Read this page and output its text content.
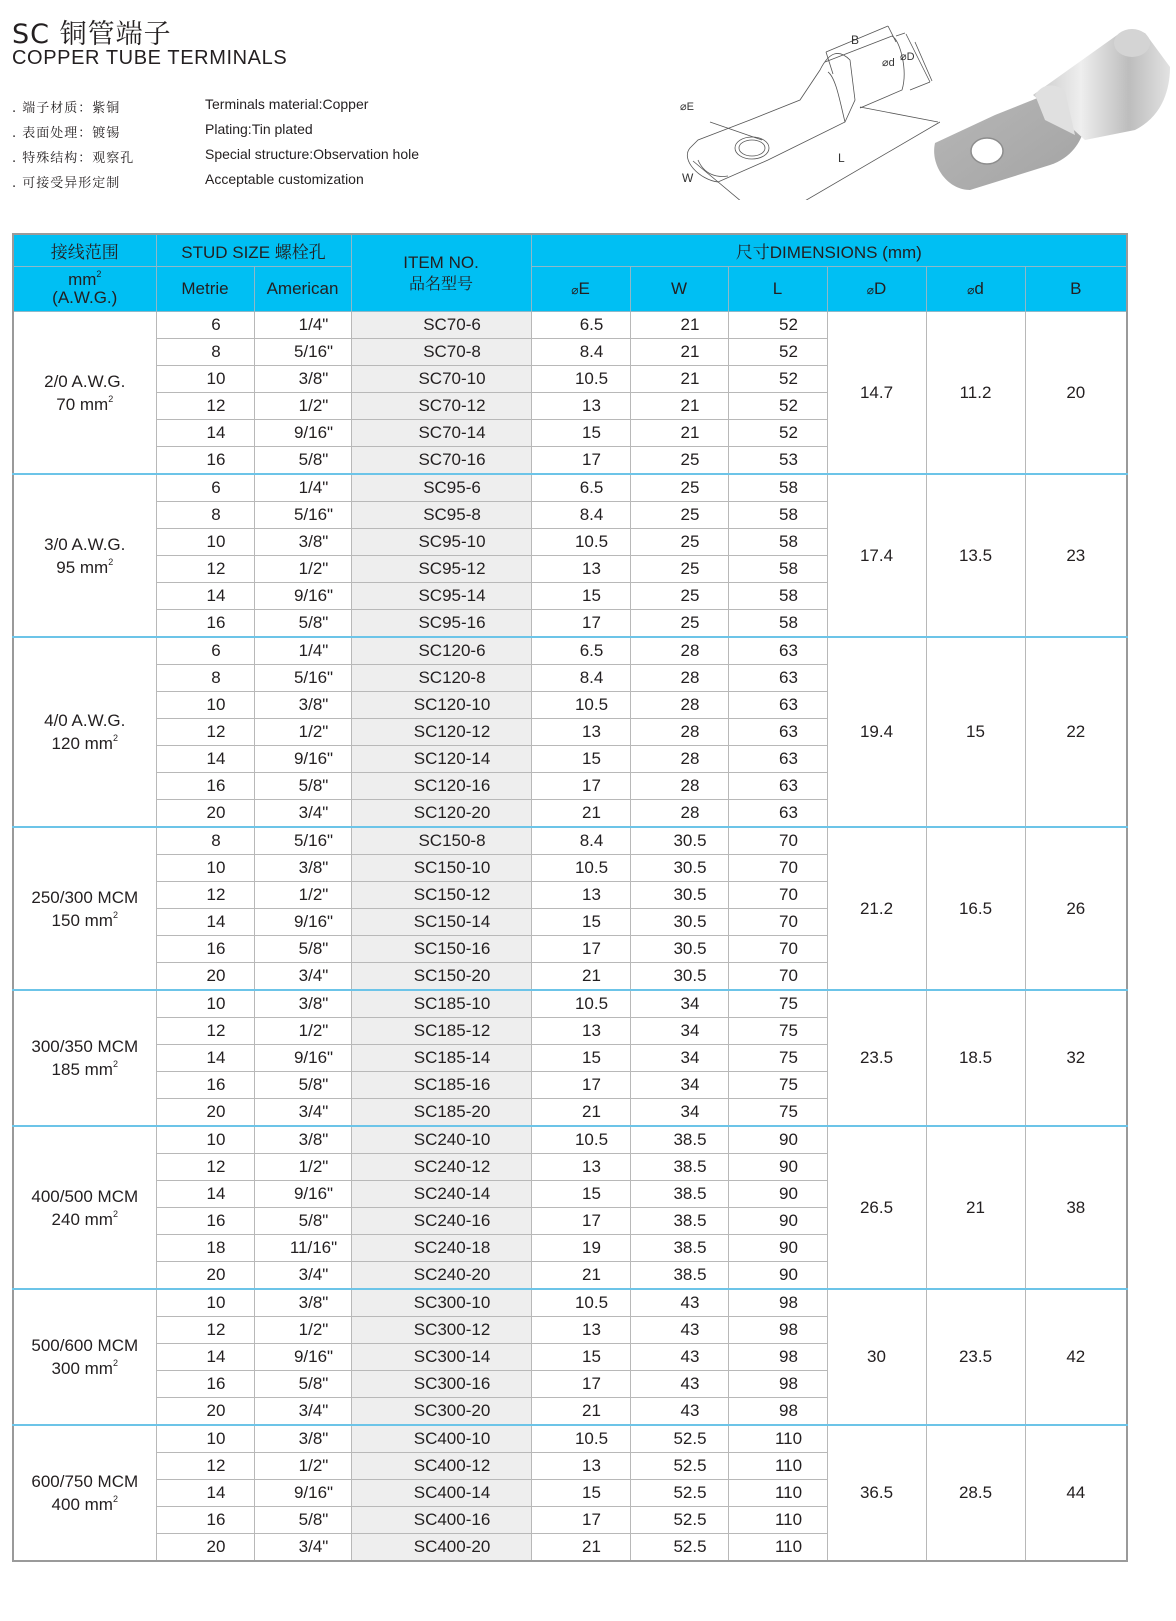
SC 铜管端子
COPPER TUBE TERMINALS
. 端子材质：紫铜	Terminals material:Copper
. 表面处理：镀锡	Plating:Tin plated
. 特殊结构：观察孔	Special structure:Observation hole
. 可接受异形定制	Acceptable customization
B
⌀d ⌀D
⌀E
L
W
接线范围	STUD SIZE 螺栓孔		ITEM NO.
品名型号	尺寸DIMENSIONS (mm)					

$mm^2$
(A.W.G.)	Metrie	American		⌀E	W	L	⌀D	⌀d	B

2/0 A.W.G.
70 $mm^2$	6	1/4"	SC70-6	6.5	21	52	14.7	11.2	20
	8	5/16"	SC70-8	8.4	21	52			
	10	3/8"	SC70-10	10.5	21	52			
	12	1/2"	SC70-12	13	21	52			
	14	9/16"	SC70-14	15	21	52			
	16	5/8"	SC70-16	17	25	53			

3/0 A.W.G.
95 $mm^2$	6	1/4"	SC95-6	6.5	25	58	17.4	13.5	23
	8	5/16"	SC95-8	8.4	25	58			
	10	3/8"	SC95-10	10.5	25	58			
	12	1/2"	SC95-12	13	25	58			
	14	9/16"	SC95-14	15	25	58			
	16	5/8"	SC95-16	17	25	58			

4/0 A.W.G.
120 $mm^2$	6	1/4"	SC120-6	6.5	28	63	19.4	15	22
	8	5/16"	SC120-8	8.4	28	63			
	10	3/8"	SC120-10	10.5	28	63			
	12	1/2"	SC120-12	13	28	63			
	14	9/16"	SC120-14	15	28	63			
	16	5/8"	SC120-16	17	28	63			
	20	3/4"	SC120-20	21	28	63			

250/300 MCM
150 $mm^2$	8	5/16"	SC150-8	8.4	30.5	70	21.2	16.5	26
	10	3/8"	SC150-10	10.5	30.5	70			
	12	1/2"	SC150-12	13	30.5	70			
	14	9/16"	SC150-14	15	30.5	70			
	16	5/8"	SC150-16	17	30.5	70			
	20	3/4"	SC150-20	21	30.5	70			

300/350 MCM
185 $mm^2$	10	3/8"	SC185-10	10.5	34	75	23.5	18.5	32
	12	1/2"	SC185-12	13	34	75			
	14	9/16"	SC185-14	15	34	75			
	16	5/8"	SC185-16	17	34	75			
	20	3/4"	SC185-20	21	34	75			

400/500 MCM
240 $mm^2$	10	3/8"	SC240-10	10.5	38.5	90	26.5	21	38
	12	1/2"	SC240-12	13	38.5	90			
	14	9/16"	SC240-14	15	38.5	90			
	16	5/8"	SC240-16	17	38.5	90			
	18	11/16"	SC240-18	19	38.5	90			
	20	3/4"	SC240-20	21	38.5	90			

500/600 MCM
300 $mm^2$	10	3/8"	SC300-10	10.5	43	98	30	23.5	42
	12	1/2"	SC300-12	13	43	98			
	14	9/16"	SC300-14	15	43	98			
	16	5/8"	SC300-16	17	43	98			
	20	3/4"	SC300-20	21	43	98			

600/750 MCM
400 $mm^2$	10	3/8"	SC400-10	10.5	52.5	110	36.5	28.5	44
	12	1/2"	SC400-12	13	52.5	110			
	14	9/16"	SC400-14	15	52.5	110			
	16	5/8"	SC400-16	17	52.5	110			
	20	3/4"	SC400-20	21	52.5	110			
